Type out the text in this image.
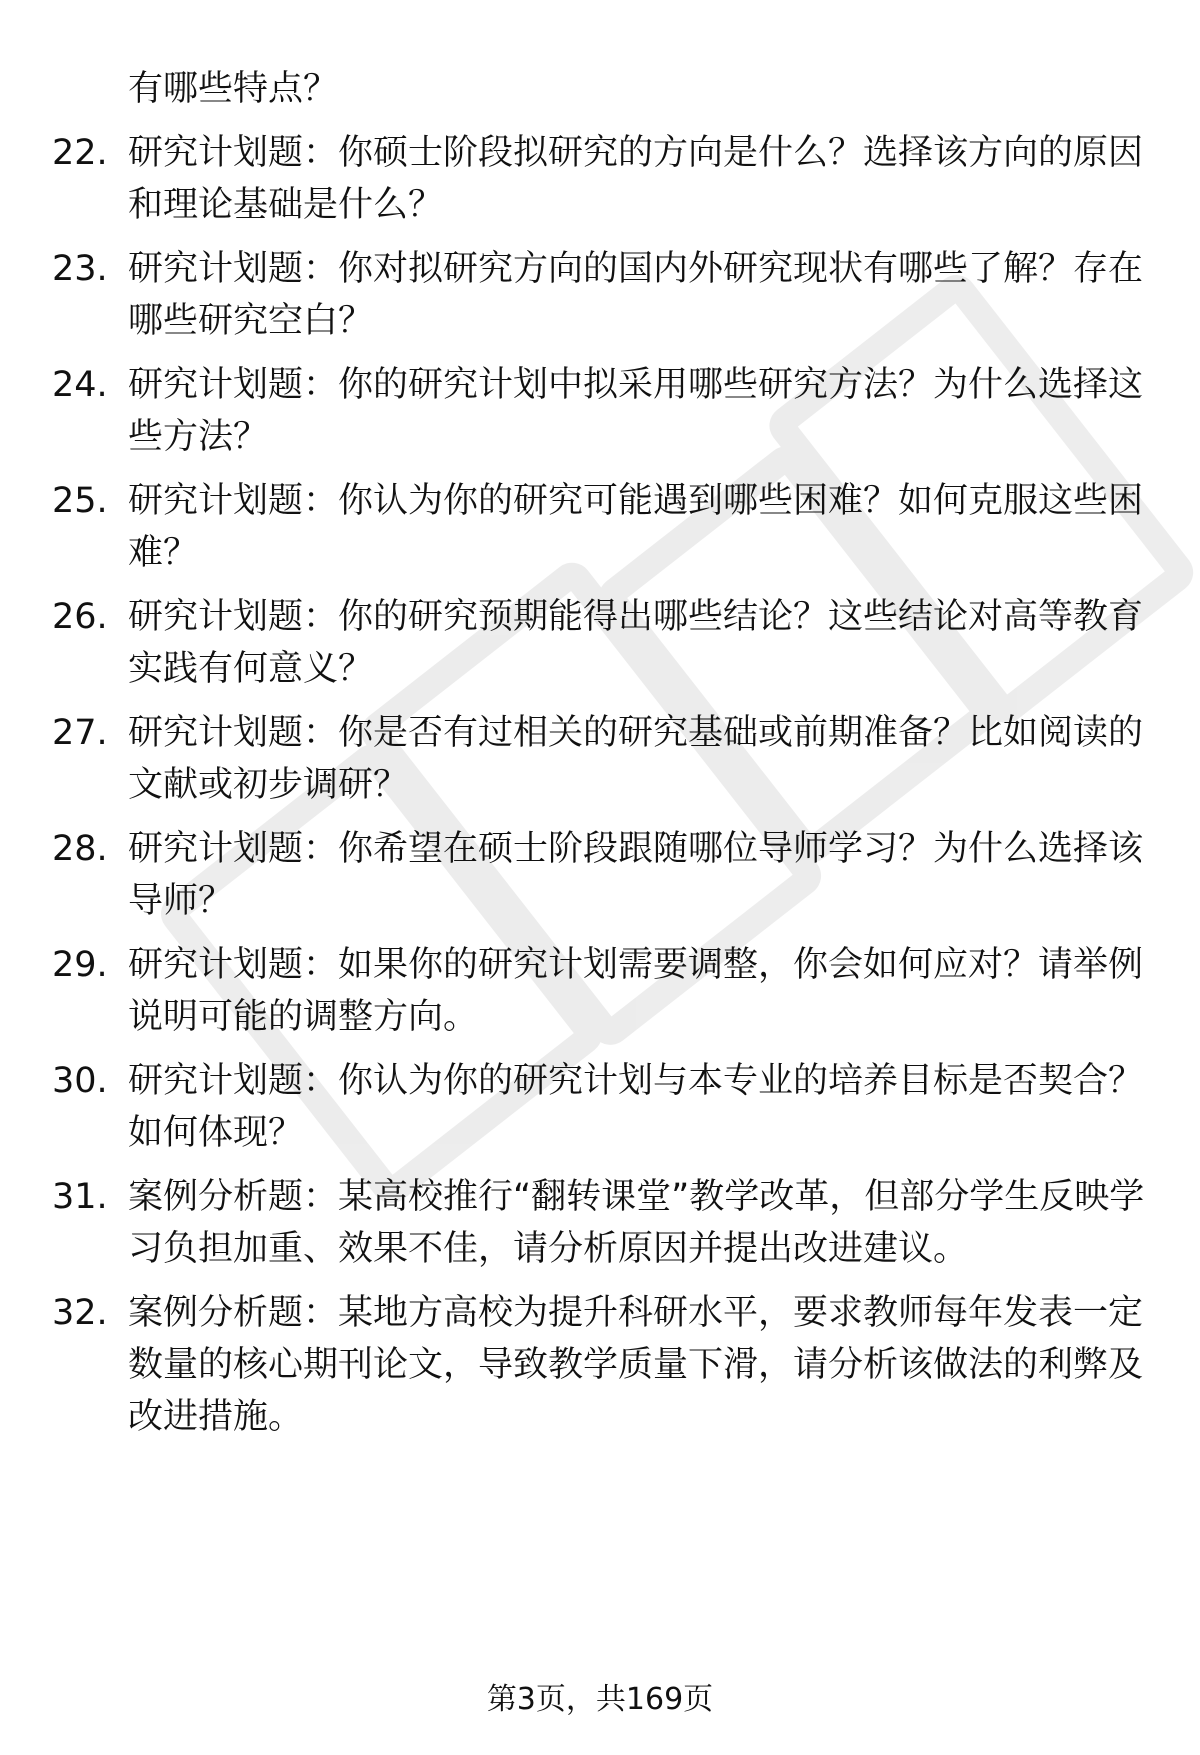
有哪些特点？
22. 研究计划题：你硕士阶段拟研究的方向是什么？选择该方向的原因和理论基础是什么？
23. 研究计划题：你对拟研究方向的国内外研究现状有哪些了解？存在哪些研究空白？
24. 研究计划题：你的研究计划中拟采用哪些研究方法？为什么选择这些方法？
25. 研究计划题：你认为你的研究可能遇到哪些困难？如何克服这些困难？
26. 研究计划题：你的研究预期能得出哪些结论？这些结论对高等教育实践有何意义？
27. 研究计划题：你是否有过相关的研究基础或前期准备？比如阅读的文献或初步调研？
28. 研究计划题：你希望在硕士阶段跟随哪位导师学习？为什么选择该导师？
29. 研究计划题：如果你的研究计划需要调整，你会如何应对？请举例说明可能的调整方向。
30. 研究计划题：你认为你的研究计划与本专业的培养目标是否契合？如何体现？
31. 案例分析题：某高校推行“翻转课堂”教学改革，但部分学生反映学习负担加重、效果不佳，请分析原因并提出改进建议。
32. 案例分析题：某地方高校为提升科研水平，要求教师每年发表一定数量的核心期刊论文，导致教学质量下滑，请分析该做法的利弊及改进措施。
第3页，共169页
